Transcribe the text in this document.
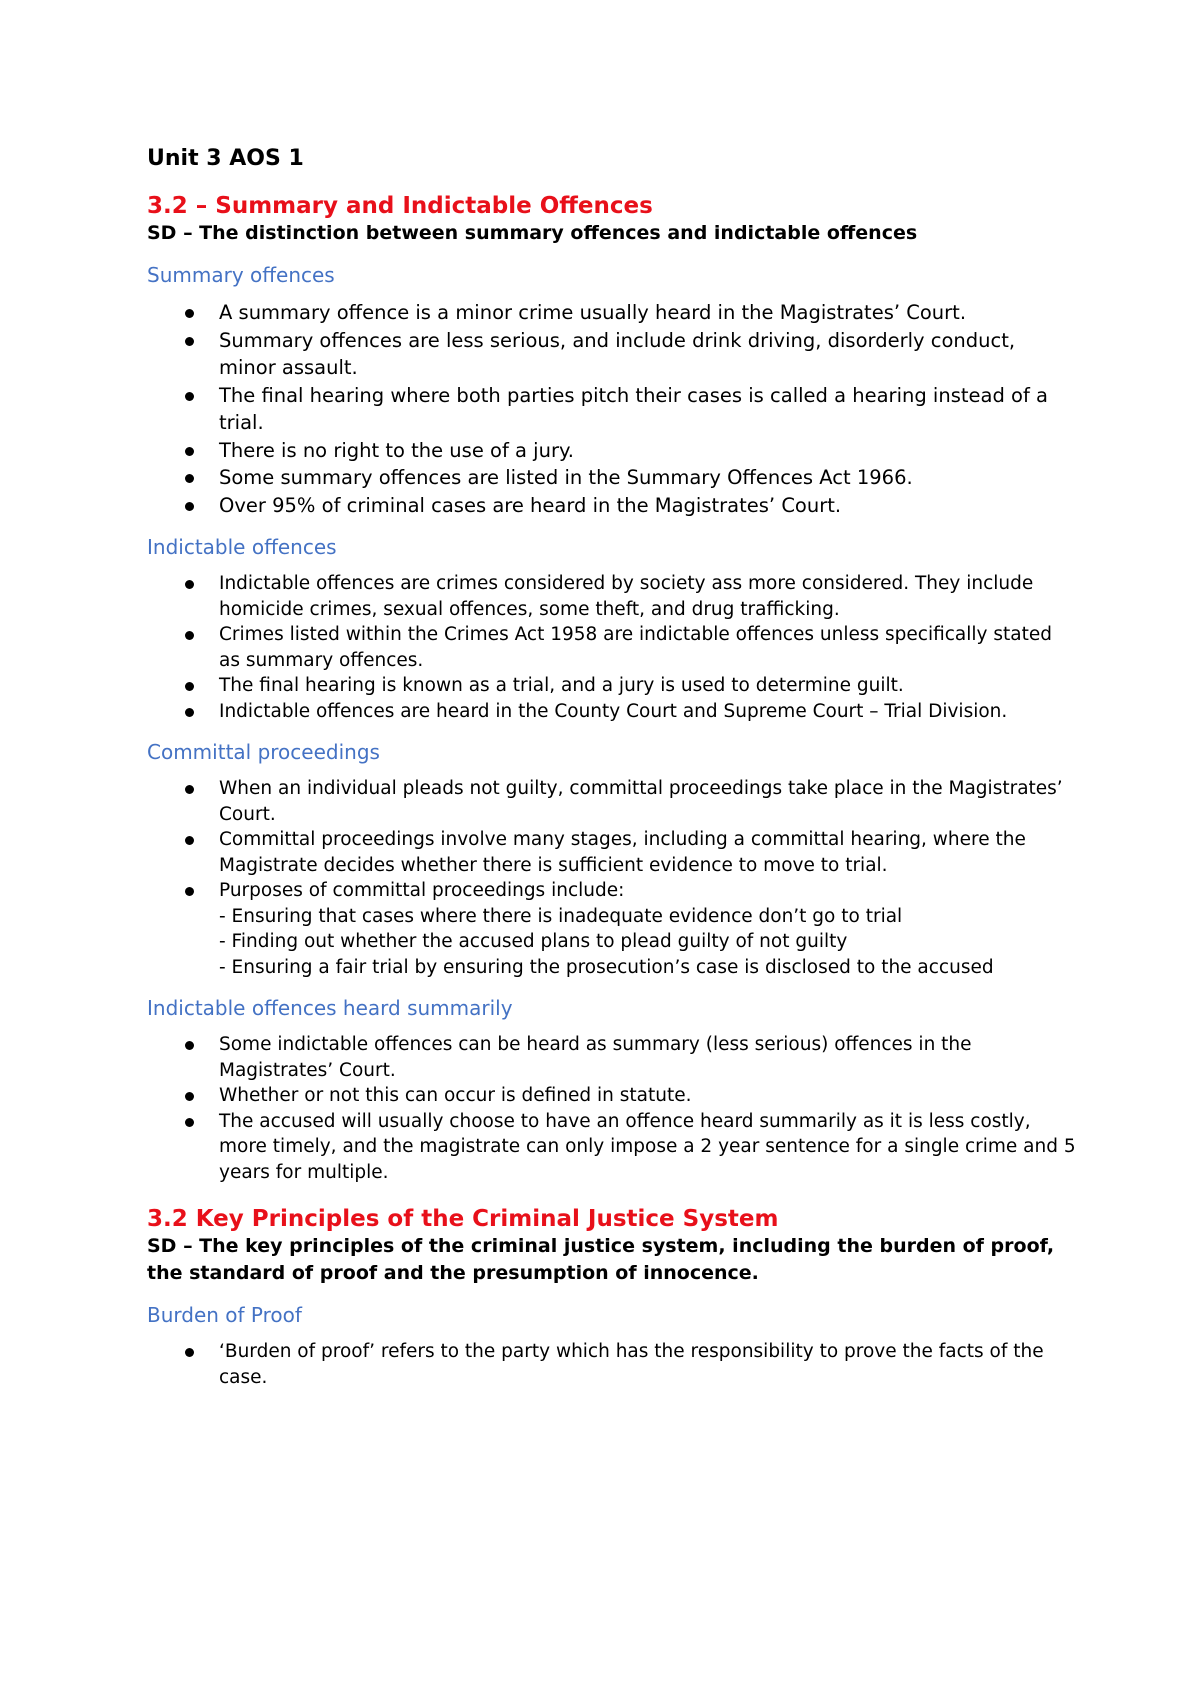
Unit 3 AOS 1
3.2 – Summary and Indictable Offences

SD – The distinction between summary offences and indictable offences

Summary offences
A summary offence is a minor crime usually heard in the Magistrates’ Court.
Summary offences are less serious, and include drink driving, disorderly conduct, minor assault.
The final hearing where both parties pitch their cases is called a hearing instead of a trial.
There is no right to the use of a jury.
Some summary offences are listed in the Summary Offences Act 1966.
Over 95% of criminal cases are heard in the Magistrates’ Court.
Indictable offences
Indictable offences are crimes considered by society ass more considered. They include homicide crimes, sexual offences, some theft, and drug trafficking.
Crimes listed within the Crimes Act 1958 are indictable offences unless specifically stated as summary offences.
The final hearing is known as a trial, and a jury is used to determine guilt.
Indictable offences are heard in the County Court and Supreme Court – Trial Division.
Committal proceedings
When an individual pleads not guilty, committal proceedings take place in the Magistrates’ Court.
Committal proceedings involve many stages, including a committal hearing, where the Magistrate decides whether there is sufficient evidence to move to trial.
Purposes of committal proceedings include:
- Ensuring that cases where there is inadequate evidence don’t go to trial
- Finding out whether the accused plans to plead guilty of not guilty
- Ensuring a fair trial by ensuring the prosecution’s case is disclosed to the accused
Indictable offences heard summarily
Some indictable offences can be heard as summary (less serious) offences in the Magistrates’ Court.
Whether or not this can occur is defined in statute.
The accused will usually choose to have an offence heard summarily as it is less costly, more timely, and the magistrate can only impose a 2 year sentence for a single crime and 5 years for multiple.
3.2 Key Principles of the Criminal Justice System

SD – The key principles of the criminal justice system, including the burden of proof, the standard of proof and the presumption of innocence.

Burden of Proof
‘Burden of proof’ refers to the party which has the responsibility to prove the facts of the case.
